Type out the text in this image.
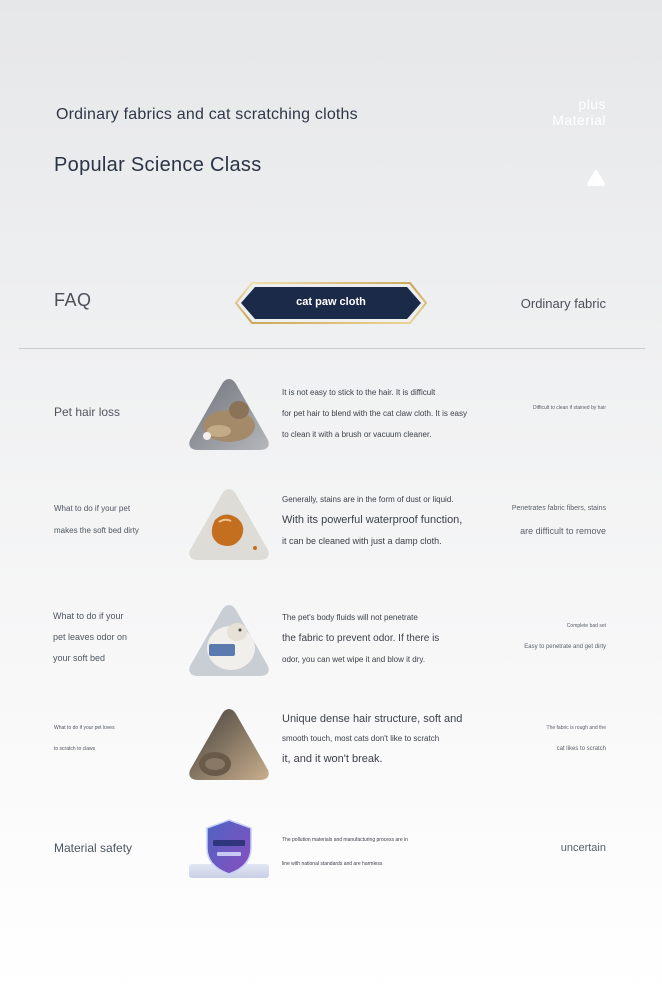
Ordinary fabrics and cat scratching cloths
Popular Science Class
plus
Material
FAQ	cat paw cloth	Ordinary fabric
Pet hair loss
It is not easy to stick to the hair. It is difficult
for pet hair to blend with the cat claw cloth. It is easy
to clean it with a brush or vacuum cleaner.
Difficult to clean if stained by hair
What to do if your pet
makes the soft bed dirty
Generally, stains are in the form of dust or liquid.
With its powerful waterproof function,
it can be cleaned with just a damp cloth.
Penetrates fabric fibers, stains
are difficult to remove
What to do if your
pet leaves odor on
your soft bed
The pet's body fluids will not penetrate
the fabric to prevent odor. If there is
odor, you can wet wipe it and blow it dry.
Complete bad set
Easy to penetrate and get dirty
What to do if your pet loves
to scratch to claws
Unique dense hair structure, soft and
smooth touch, most cats don't like to scratch
it, and it won't break.
The fabric is rough and the
cat likes to scratch
Material safety
The pollution materials and manufacturing process are in
line with national standards and are harmless
uncertain
